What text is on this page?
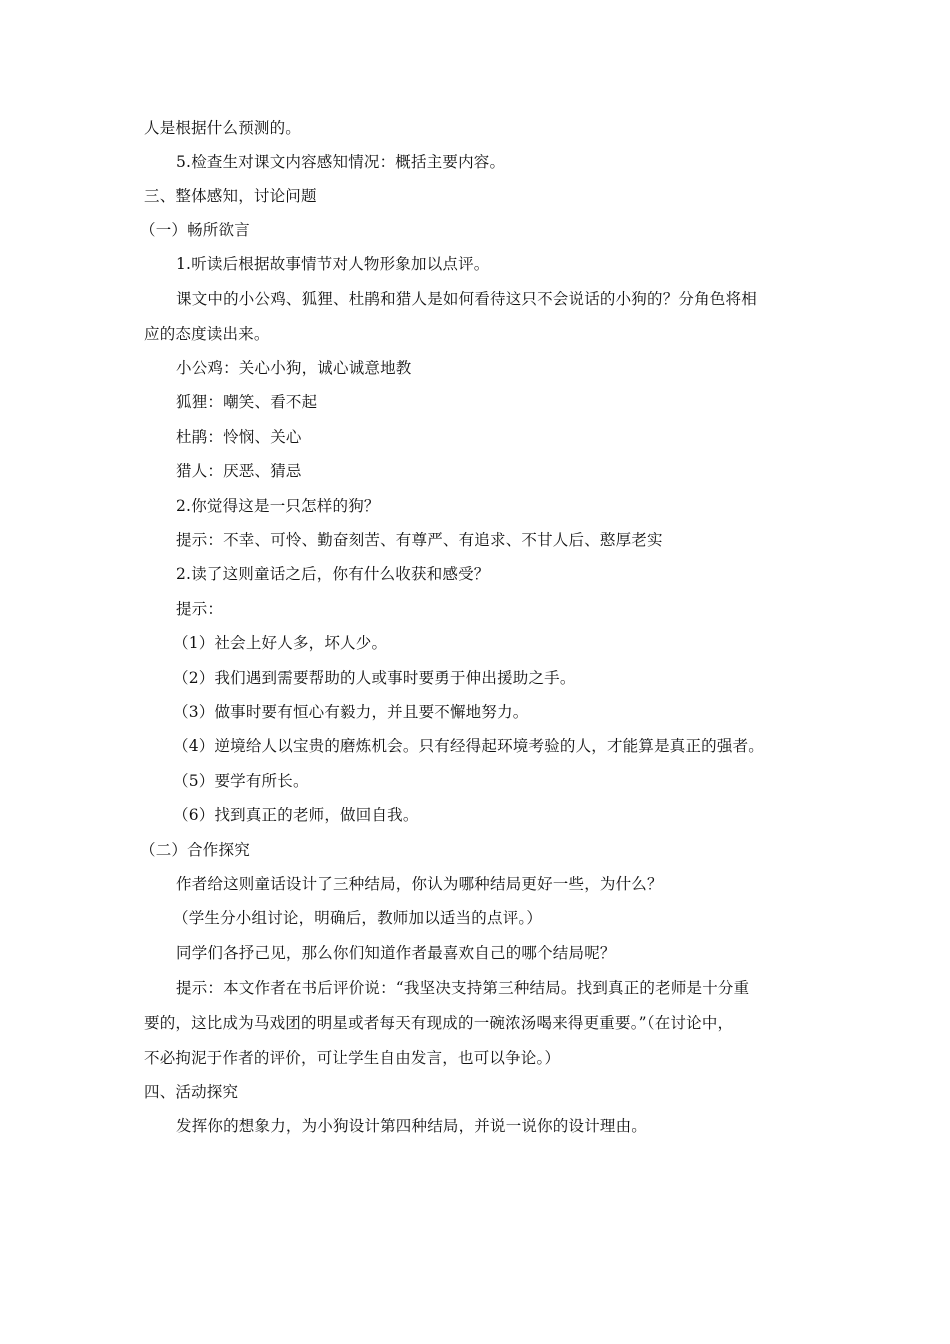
人是根据什么预测的。
5.检查生对课文内容感知情况：概括主要内容。
三、整体感知，讨论问题
（一）畅所欲言
1.听读后根据故事情节对人物形象加以点评。
课文中的小公鸡、狐狸、杜鹃和猎人是如何看待这只不会说话的小狗的？分角色将相
应的态度读出来。
小公鸡：关心小狗，诚心诚意地教
狐狸：嘲笑、看不起
杜鹃：怜悯、关心
猎人：厌恶、猜忌
2.你觉得这是一只怎样的狗？
提示：不幸、可怜、勤奋刻苦、有尊严、有追求、不甘人后、憨厚老实
2.读了这则童话之后，你有什么收获和感受？
提示：
（1）社会上好人多，坏人少。
（2）我们遇到需要帮助的人或事时要勇于伸出援助之手。
（3）做事时要有恒心有毅力，并且要不懈地努力。
（4）逆境给人以宝贵的磨炼机会。只有经得起环境考验的人，才能算是真正的强者。
（5）要学有所长。
（6）找到真正的老师，做回自我。
（二）合作探究
作者给这则童话设计了三种结局，你认为哪种结局更好一些，为什么？
（学生分小组讨论，明确后，教师加以适当的点评。）
同学们各抒己见，那么你们知道作者最喜欢自己的哪个结局呢？
提示：本文作者在书后评价说：“我坚决支持第三种结局。找到真正的老师是十分重
要的，这比成为马戏团的明星或者每天有现成的一碗浓汤喝来得更重要。”（在讨论中，
不必拘泥于作者的评价，可让学生自由发言，也可以争论。）
四、活动探究
发挥你的想象力，为小狗设计第四种结局，并说一说你的设计理由。
